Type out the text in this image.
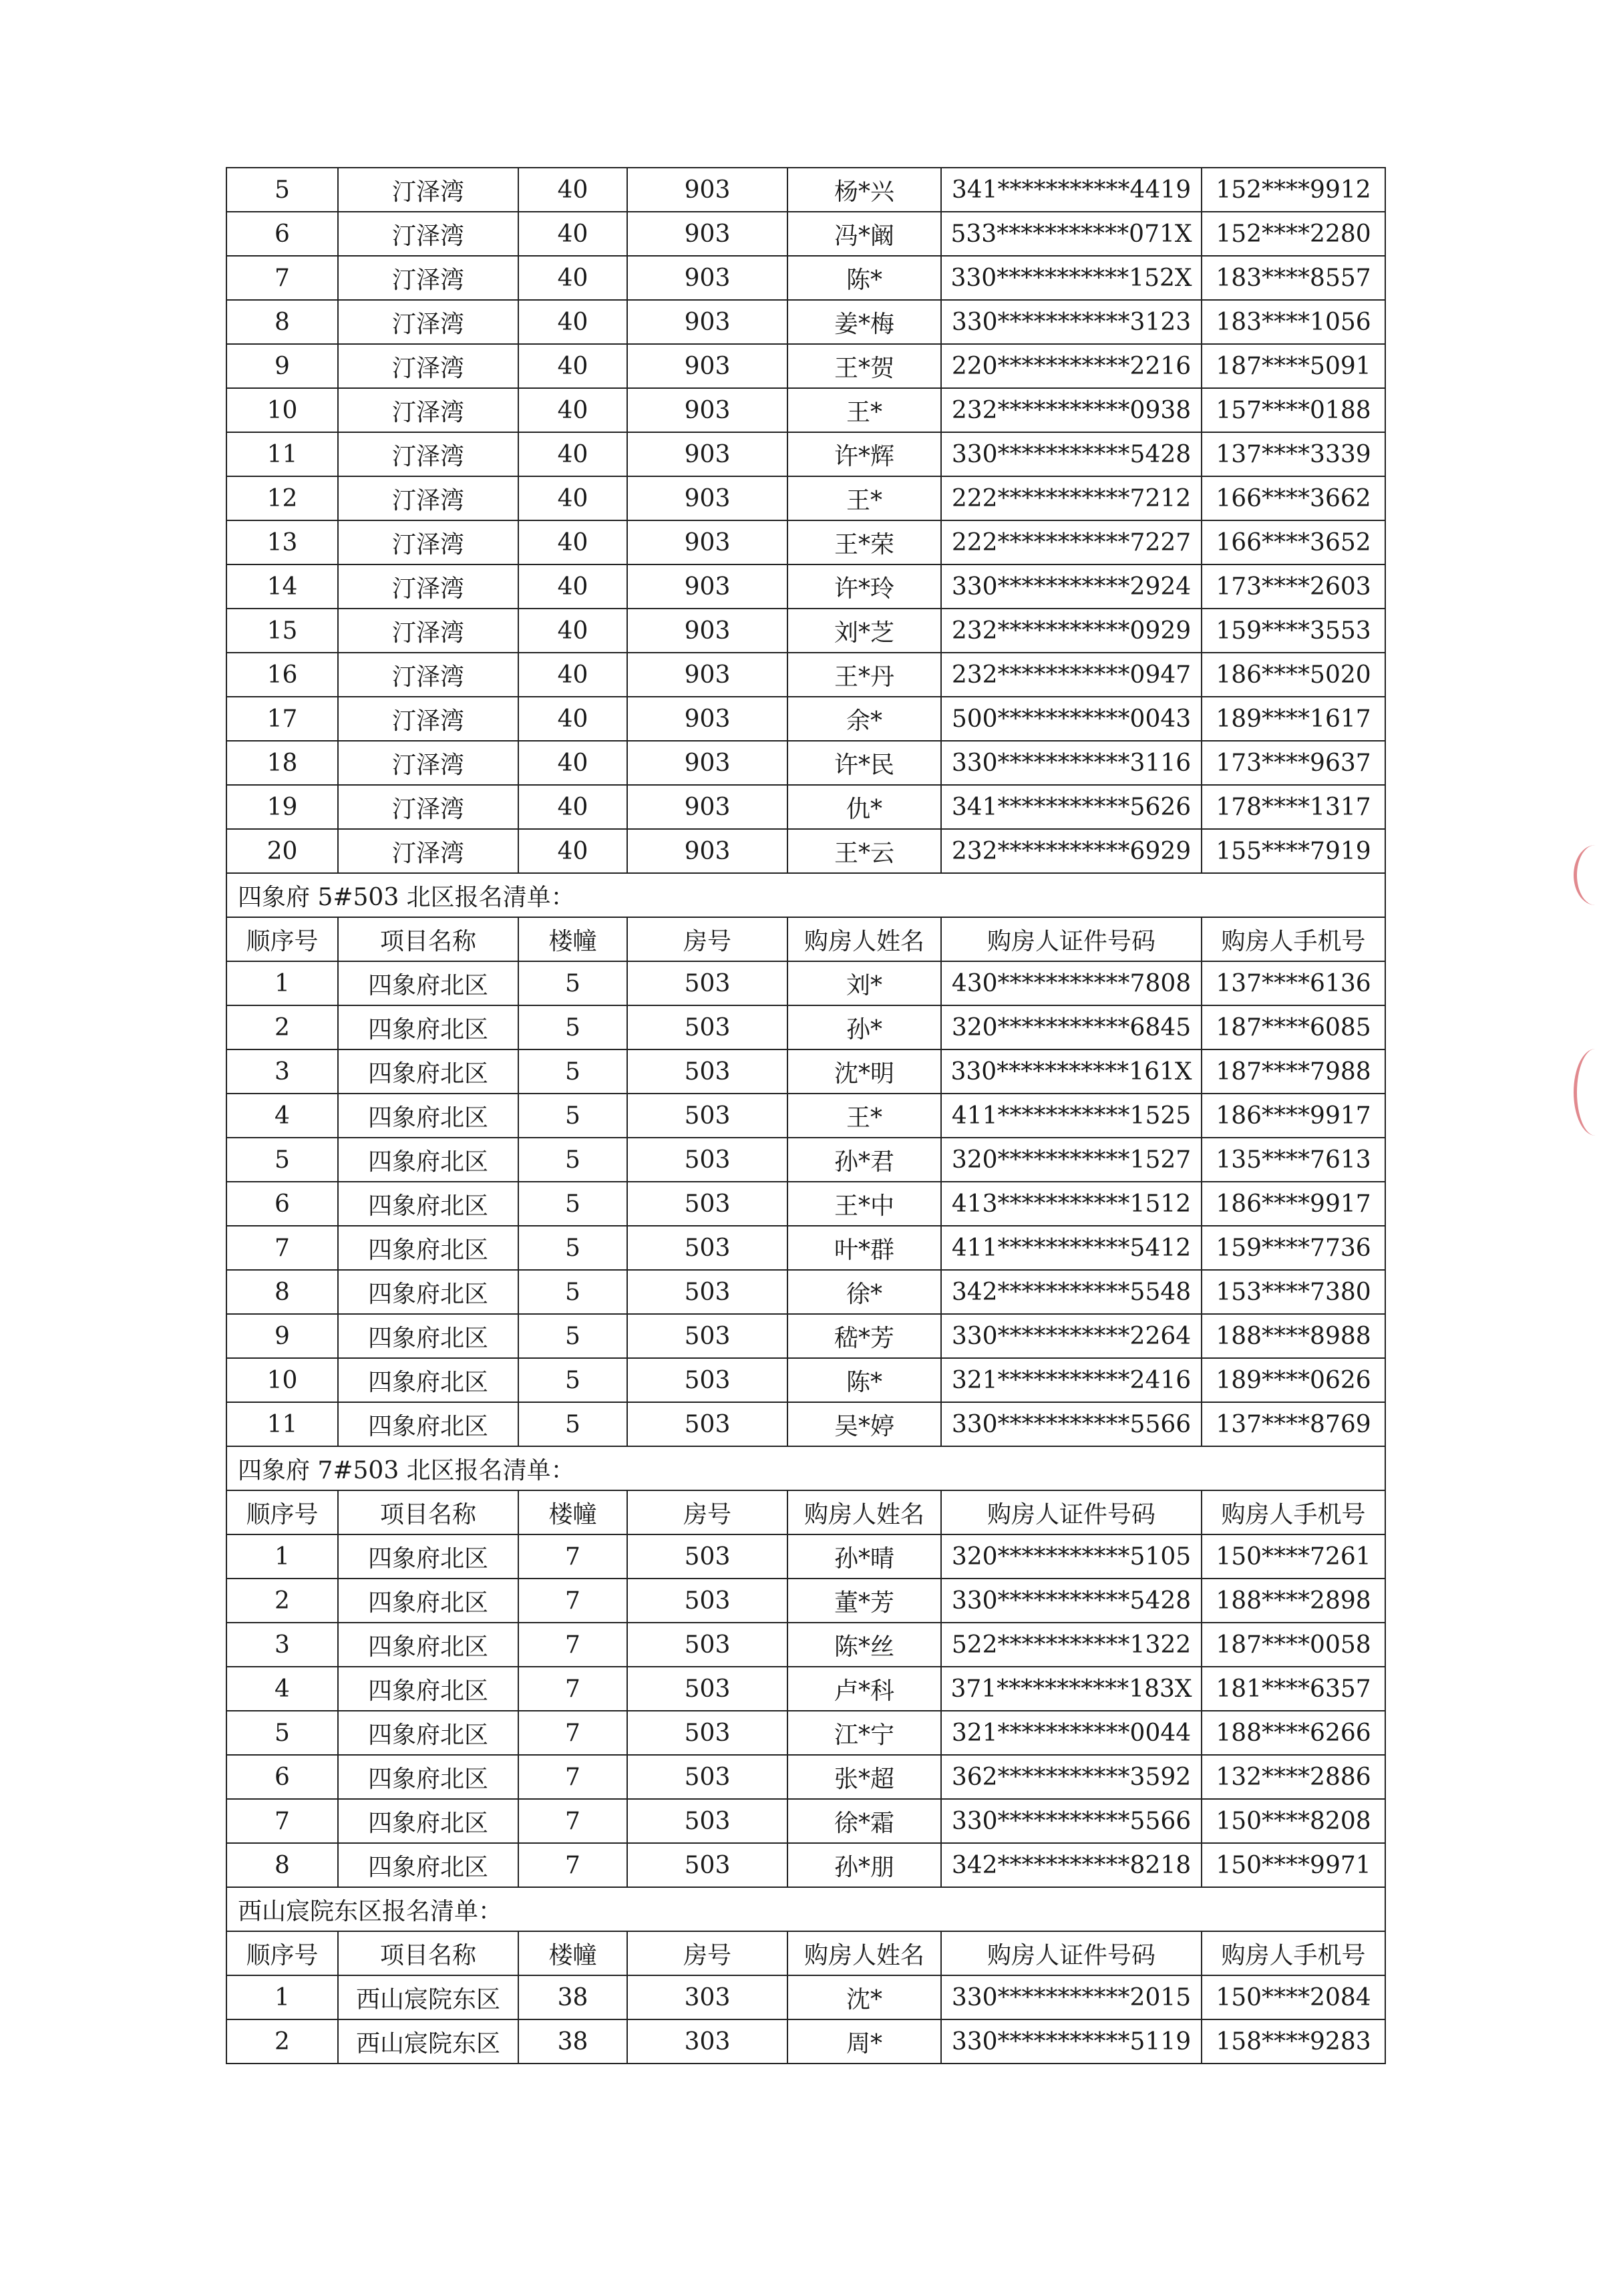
5	汀泽湾	40	903	杨*兴	341***********4419	152****9912
6	汀泽湾	40	903	冯*阚	533***********071X	152****2280
7	汀泽湾	40	903	陈*	330***********152X	183****8557
8	汀泽湾	40	903	姜*梅	330***********3123	183****1056
9	汀泽湾	40	903	王*贺	220***********2216	187****5091
10	汀泽湾	40	903	王*	232***********0938	157****0188
11	汀泽湾	40	903	许*辉	330***********5428	137****3339
12	汀泽湾	40	903	王*	222***********7212	166****3662
13	汀泽湾	40	903	王*荣	222***********7227	166****3652
14	汀泽湾	40	903	许*玲	330***********2924	173****2603
15	汀泽湾	40	903	刘*芝	232***********0929	159****3553
16	汀泽湾	40	903	王*丹	232***********0947	186****5020
17	汀泽湾	40	903	余*	500***********0043	189****1617
18	汀泽湾	40	903	许*民	330***********3116	173****9637
19	汀泽湾	40	903	仇*	341***********5626	178****1317
20	汀泽湾	40	903	王*云	232***********6929	155****7919
四象府 5#503 北区报名清单：						
顺序号	项目名称	楼幢	房号	购房人姓名	购房人证件号码	购房人手机号
1	四象府北区	5	503	刘*	430***********7808	137****6136
2	四象府北区	5	503	孙*	320***********6845	187****6085
3	四象府北区	5	503	沈*明	330***********161X	187****7988
4	四象府北区	5	503	王*	411***********1525	186****9917
5	四象府北区	5	503	孙*君	320***********1527	135****7613
6	四象府北区	5	503	王*中	413***********1512	186****9917
7	四象府北区	5	503	叶*群	411***********5412	159****7736
8	四象府北区	5	503	徐*	342***********5548	153****7380
9	四象府北区	5	503	嵇*芳	330***********2264	188****8988
10	四象府北区	5	503	陈*	321***********2416	189****0626
11	四象府北区	5	503	吴*婷	330***********5566	137****8769
四象府 7#503 北区报名清单：						
顺序号	项目名称	楼幢	房号	购房人姓名	购房人证件号码	购房人手机号
1	四象府北区	7	503	孙*晴	320***********5105	150****7261
2	四象府北区	7	503	董*芳	330***********5428	188****2898
3	四象府北区	7	503	陈*丝	522***********1322	187****0058
4	四象府北区	7	503	卢*科	371***********183X	181****6357
5	四象府北区	7	503	江*宁	321***********0044	188****6266
6	四象府北区	7	503	张*超	362***********3592	132****2886
7	四象府北区	7	503	徐*霜	330***********5566	150****8208
8	四象府北区	7	503	孙*朋	342***********8218	150****9971
西山宸院东区报名清单：						
顺序号	项目名称	楼幢	房号	购房人姓名	购房人证件号码	购房人手机号
1	西山宸院东区	38	303	沈*	330***********2015	150****2084
2	西山宸院东区	38	303	周*	330***********5119	158****9283
